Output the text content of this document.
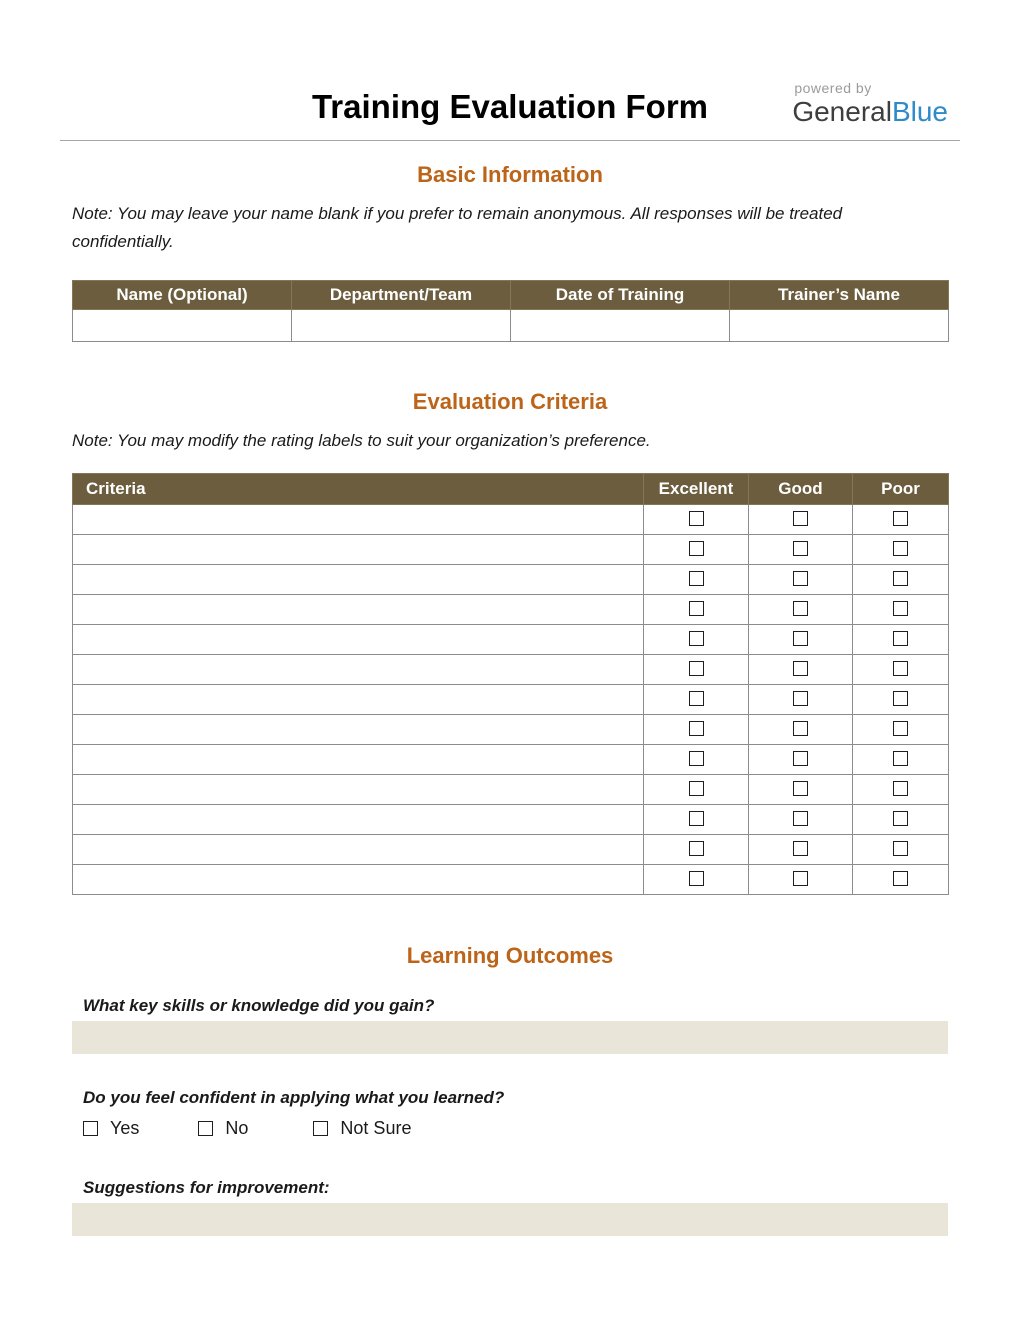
Training Evaluation Form	powered by
GeneralBlue
Basic Information

Note: You may leave your name blank if you prefer to remain anonymous. All responses will be treated confidentially.

Name (Optional)	Department/Team	Date of Training	Trainer’s Name

Evaluation Criteria

Note: You may modify the rating labels to suit your organization’s preference.

Criteria	Excellent	Good	Poor

Learning Outcomes

What key skills or knowledge did you gain?

Do you feel confident in applying what you learned?

Yes	No	Not Sure

Suggestions for improvement:
